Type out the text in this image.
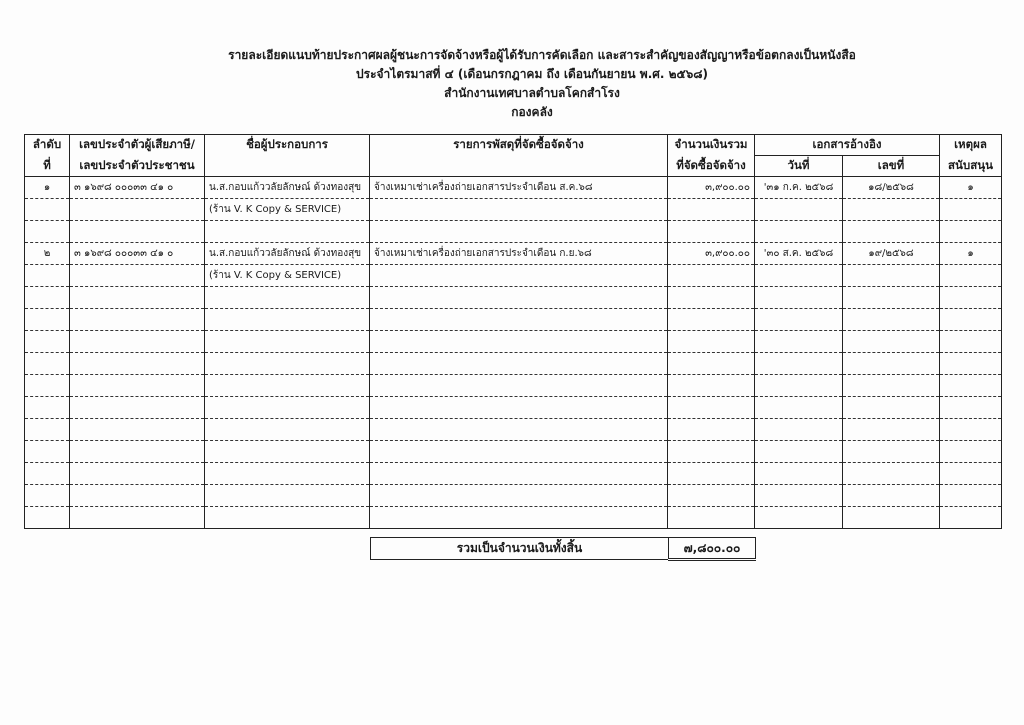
รายละเอียดแนบท้ายประกาศผลผู้ชนะการจัดจ้างหรือผู้ได้รับการคัดเลือก และสาระสำคัญของสัญญาหรือข้อตกลงเป็นหนังสือ
ประจำไตรมาสที่ ๔ (เดือนกรกฎาคม ถึง เดือนกันยายน พ.ศ. ๒๕๖๘)
สำนักงานเทศบาลตำบลโคกสำโรง
กองคลัง
ลำดับ	เลขประจำตัวผู้เสียภาษี/	ชื่อผู้ประกอบการ	รายการพัสดุที่จัดซื้อจัดจ้าง	จำนวนเงินรวม	เอกสารอ้างอิง		เหตุผล
ที่	เลขประจำตัวประชาชน			ที่จัดซื้อจัดจ้าง	วันที่	เลขที่	สนับสนุน
๑	๓ ๑๖๙๘ ๐๐๐๓๓ ๔๑ ๐	น.ส.กอบแก้ววลัยลักษณ์ ด้วงทองสุข	จ้างเหมาเช่าเครื่องถ่ายเอกสารประจำเดือน ส.ค.๖๘	๓,๙๐๐.๐๐	'๓๑ ก.ค. ๒๕๖๘	๑๘/๒๕๖๘	๑
		(ร้าน V. K Copy & SERVICE)					

๒	๓ ๑๖๙๘ ๐๐๐๓๓ ๔๑ ๐	น.ส.กอบแก้ววลัยลักษณ์ ด้วงทองสุข	จ้างเหมาเช่าเครื่องถ่ายเอกสารประจำเดือน ก.ย.๖๘	๓,๙๐๐.๐๐	'๓๐ ส.ค. ๒๕๖๘	๑๙/๒๕๖๘	๑
		(ร้าน V. K Copy & SERVICE)					

รวมเป็นจำนวนเงินทั้งสิ้น	๗,๘๐๐.๐๐
